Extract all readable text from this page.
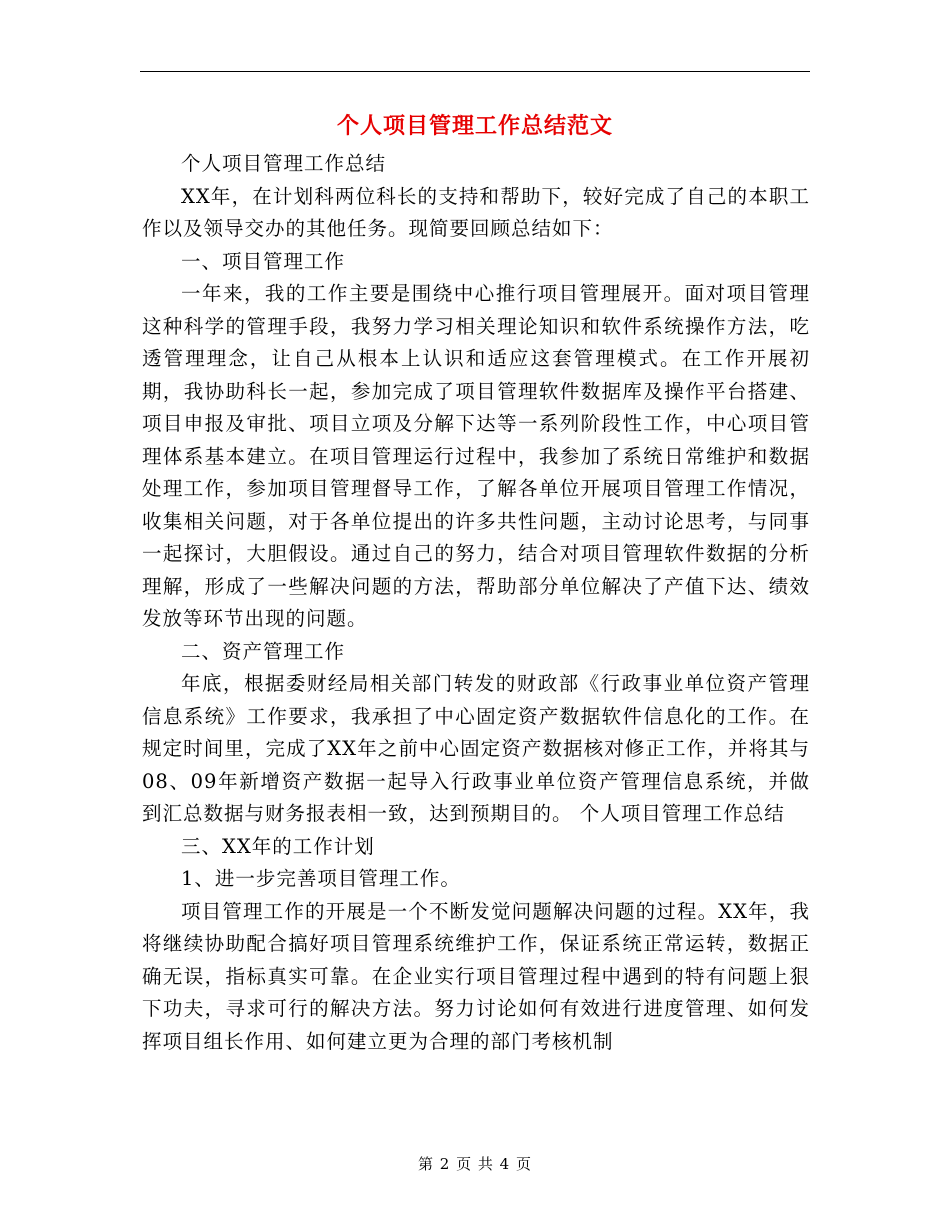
个人项目管理工作总结范文

个人项目管理工作总结

XX年，在计划科两位科长的支持和帮助下，较好完成了自己的本职工作以及领导交办的其他任务。现简要回顾总结如下：

一、项目管理工作

一年来，我的工作主要是围绕中心推行项目管理展开。面对项目管理这种科学的管理手段，我努力学习相关理论知识和软件系统操作方法，吃透管理理念，让自己从根本上认识和适应这套管理模式。在工作开展初期，我协助科长一起，参加完成了项目管理软件数据库及操作平台搭建、项目申报及审批、项目立项及分解下达等一系列阶段性工作，中心项目管理体系基本建立。在项目管理运行过程中，我参加了系统日常维护和数据处理工作，参加项目管理督导工作，了解各单位开展项目管理工作情况，收集相关问题，对于各单位提出的许多共性问题，主动讨论思考，与同事一起探讨，大胆假设。通过自己的努力，结合对项目管理软件数据的分析理解，形成了一些解决问题的方法，帮助部分单位解决了产值下达、绩效发放等环节出现的问题。

二、资产管理工作

年底，根据委财经局相关部门转发的财政部《行政事业单位资产管理信息系统》工作要求，我承担了中心固定资产数据软件信息化的工作。在规定时间里，完成了XX年之前中心固定资产数据核对修正工作，并将其与08、09年新增资产数据一起导入行政事业单位资产管理信息系统，并做到汇总数据与财务报表相一致，达到预期目的。 个人项目管理工作总结

三、XX年的工作计划

1、进一步完善项目管理工作。

项目管理工作的开展是一个不断发觉问题解决问题的过程。XX年，我将继续协助配合搞好项目管理系统维护工作，保证系统正常运转，数据正确无误，指标真实可靠。在企业实行项目管理过程中遇到的特有问题上狠下功夫，寻求可行的解决方法。努力讨论如何有效进行进度管理、如何发挥项目组长作用、如何建立更为合理的部门考核机制

第 2 页 共 4 页
